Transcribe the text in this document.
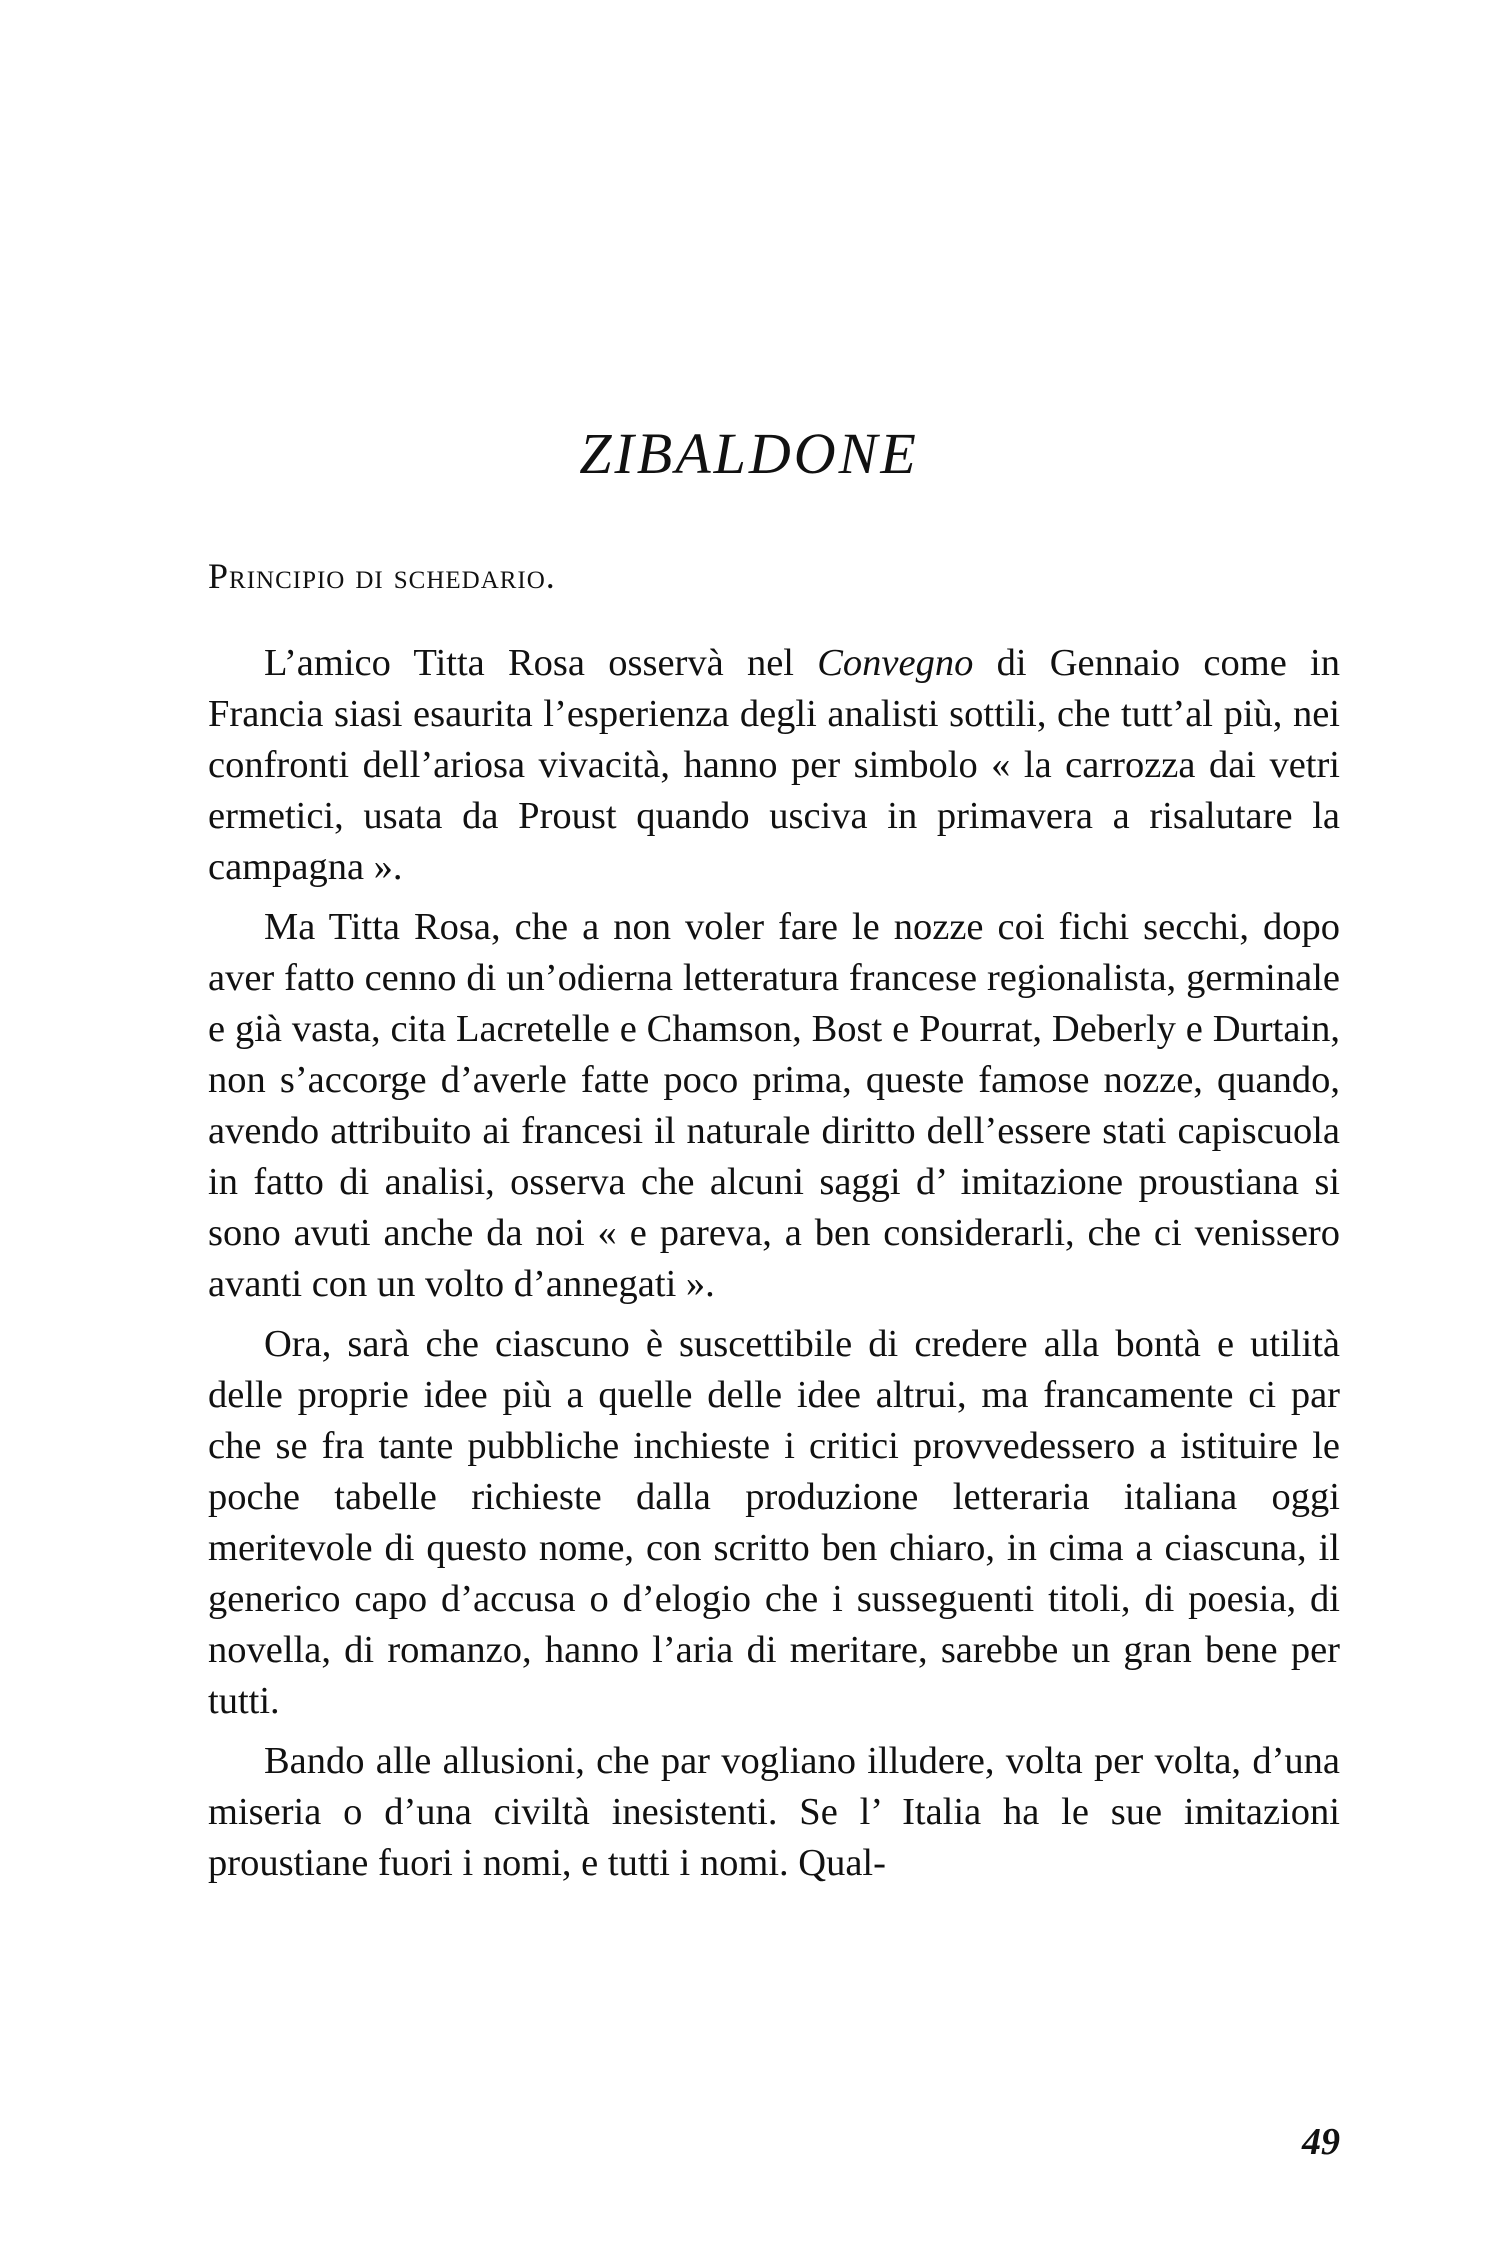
ZIBALDONE
Principio di schedario.

L’amico Titta Rosa osservà nel Convegno di Gennaio come in Francia siasi esaurita l’esperienza degli analisti sottili, che tutt’al più, nei confronti dell’ariosa vivacità, hanno per simbolo « la carrozza dai vetri ermetici, usata da Proust quando usciva in primavera a risalutare la campagna ».

Ma Titta Rosa, che a non voler fare le nozze coi fichi secchi, dopo aver fatto cenno di un’odierna letteratura francese regionalista, germinale e già vasta, cita Lacretelle e Chamson, Bost e Pourrat, Deberly e Durtain, non s’accorge d’averle fatte poco prima, queste famose nozze, quando, avendo attribuito ai francesi il naturale diritto dell’essere stati capiscuola in fatto di analisi, osserva che alcuni saggi d’ imitazione proustiana si sono avuti anche da noi « e pareva, a ben considerarli, che ci venissero avanti con un volto d’annegati ».

Ora, sarà che ciascuno è suscettibile di credere alla bontà e utilità delle proprie idee più a quelle delle idee altrui, ma francamente ci par che se fra tante pubbliche inchieste i critici provvedessero a istituire le poche tabelle richieste dalla produzione letteraria italiana oggi meritevole di questo nome, con scritto ben chiaro, in cima a ciascuna, il generico capo d’accusa o d’elogio che i susseguenti titoli, di poesia, di novella, di romanzo, hanno l’aria di meritare, sarebbe un gran bene per tutti.

Bando alle allusioni, che par vogliano illudere, volta per volta, d’una miseria o d’una civiltà inesistenti. Se l’ Italia ha le sue imitazioni proustiane fuori i nomi, e tutti i nomi. Qual-

49
